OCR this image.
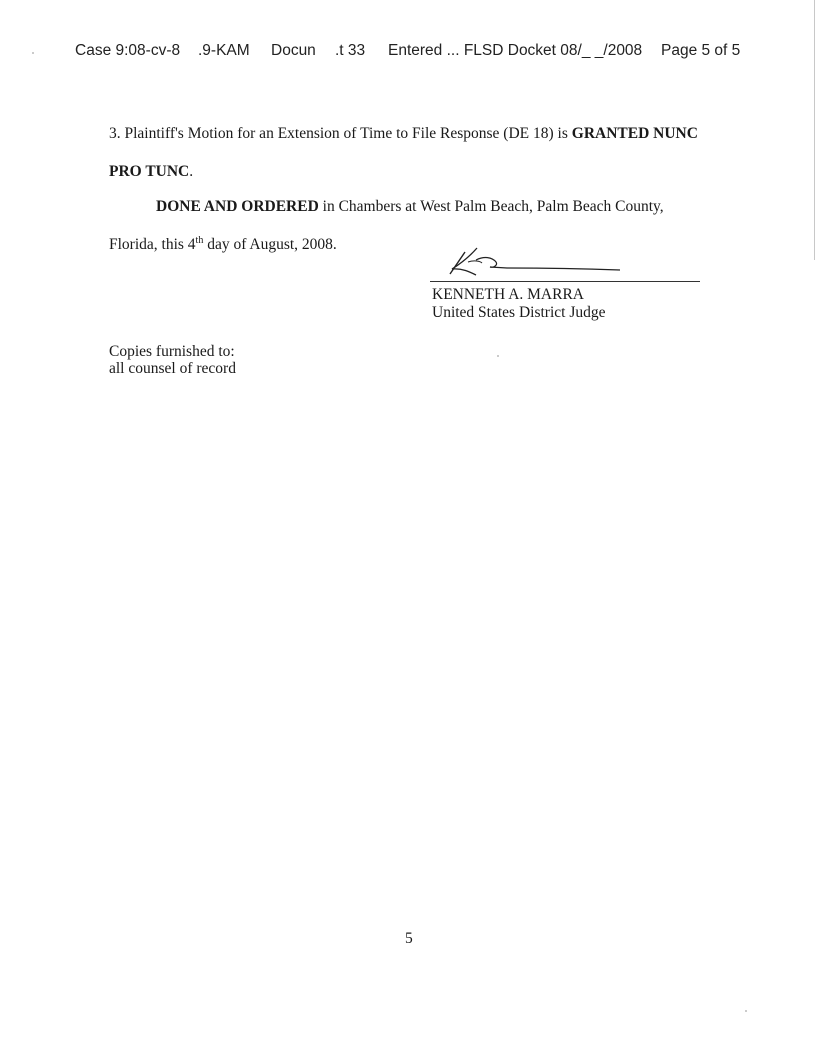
Case 9:08-cv-8 .9-KAM Docun .t 33 Entered ... FLSD Docket 08/_ _/2008 Page 5 of 5
3. Plaintiff's Motion for an Extension of Time to File Response (DE 18) is GRANTED NUNC
PRO TUNC.
DONE AND ORDERED in Chambers at West Palm Beach, Palm Beach County,
Florida, this 4th day of August, 2008.
KENNETH A. MARRA
United States District Judge
Copies furnished to:
all counsel of record
5
